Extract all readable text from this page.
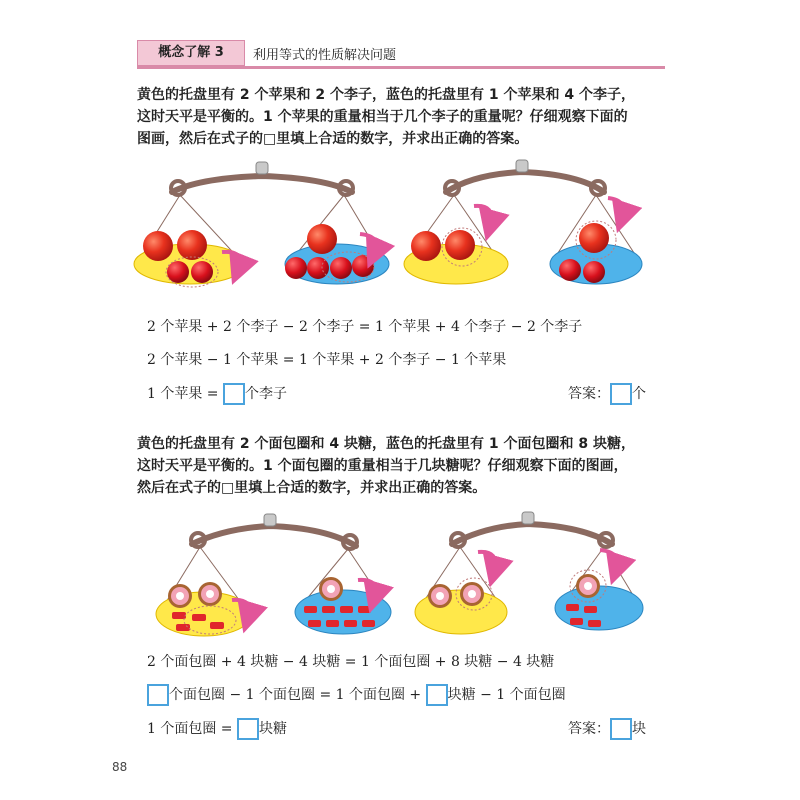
概念了解 3	利用等式的性质解决问题

黄色的托盘里有 2 个苹果和 2 个李子，蓝色的托盘里有 1 个苹果和 4 个李子，

这时天平是平衡的。1 个苹果的重量相当于几个李子的重量呢？仔细观察下面的

图画，然后在式子的□里填上合适的数字，并求出正确的答案。

2 个苹果 + 2 个李子 − 2 个李子 = 1 个苹果 + 4 个李子 − 2 个李子
2 个苹果 − 1 个苹果 = 1 个苹果 + 2 个李子 − 1 个苹果
1 个苹果 = 个李子	答案： 个

黄色的托盘里有 2 个面包圈和 4 块糖，蓝色的托盘里有 1 个面包圈和 8 块糖，

这时天平是平衡的。1 个面包圈的重量相当于几块糖呢？仔细观察下面的图画，

然后在式子的□里填上合适的数字，并求出正确的答案。

2 个面包圈 + 4 块糖 − 4 块糖 = 1 个面包圈 + 8 块糖 − 4 块糖
个面包圈 − 1 个面包圈 = 1 个面包圈 + 块糖 − 1 个面包圈
1 个面包圈 = 块糖	答案： 块
88
